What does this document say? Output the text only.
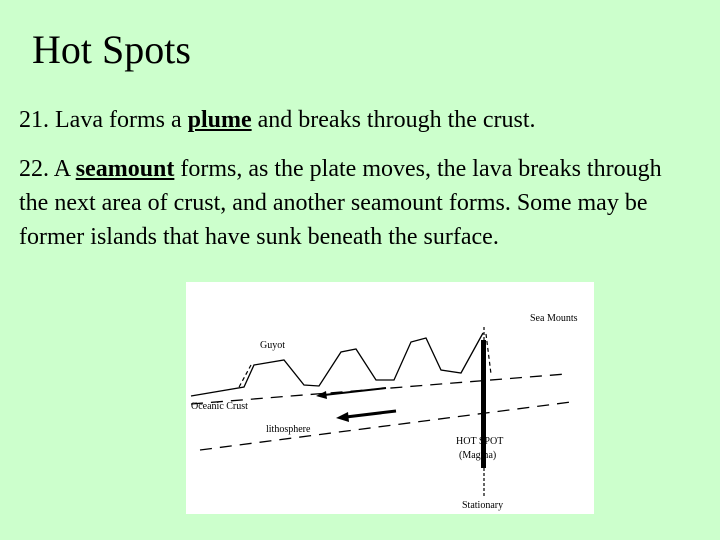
Hot Spots

21. Lava forms a plume and breaks through the crust.

22. A seamount forms, as the plate moves, the lava breaks through the next area of crust, and another seamount forms. Some may be former islands that have sunk beneath the surface.

Sea Mounts
Guyot
Oceanic Crust
lithosphere
HOT SPOT
(Magma)
Stationary
